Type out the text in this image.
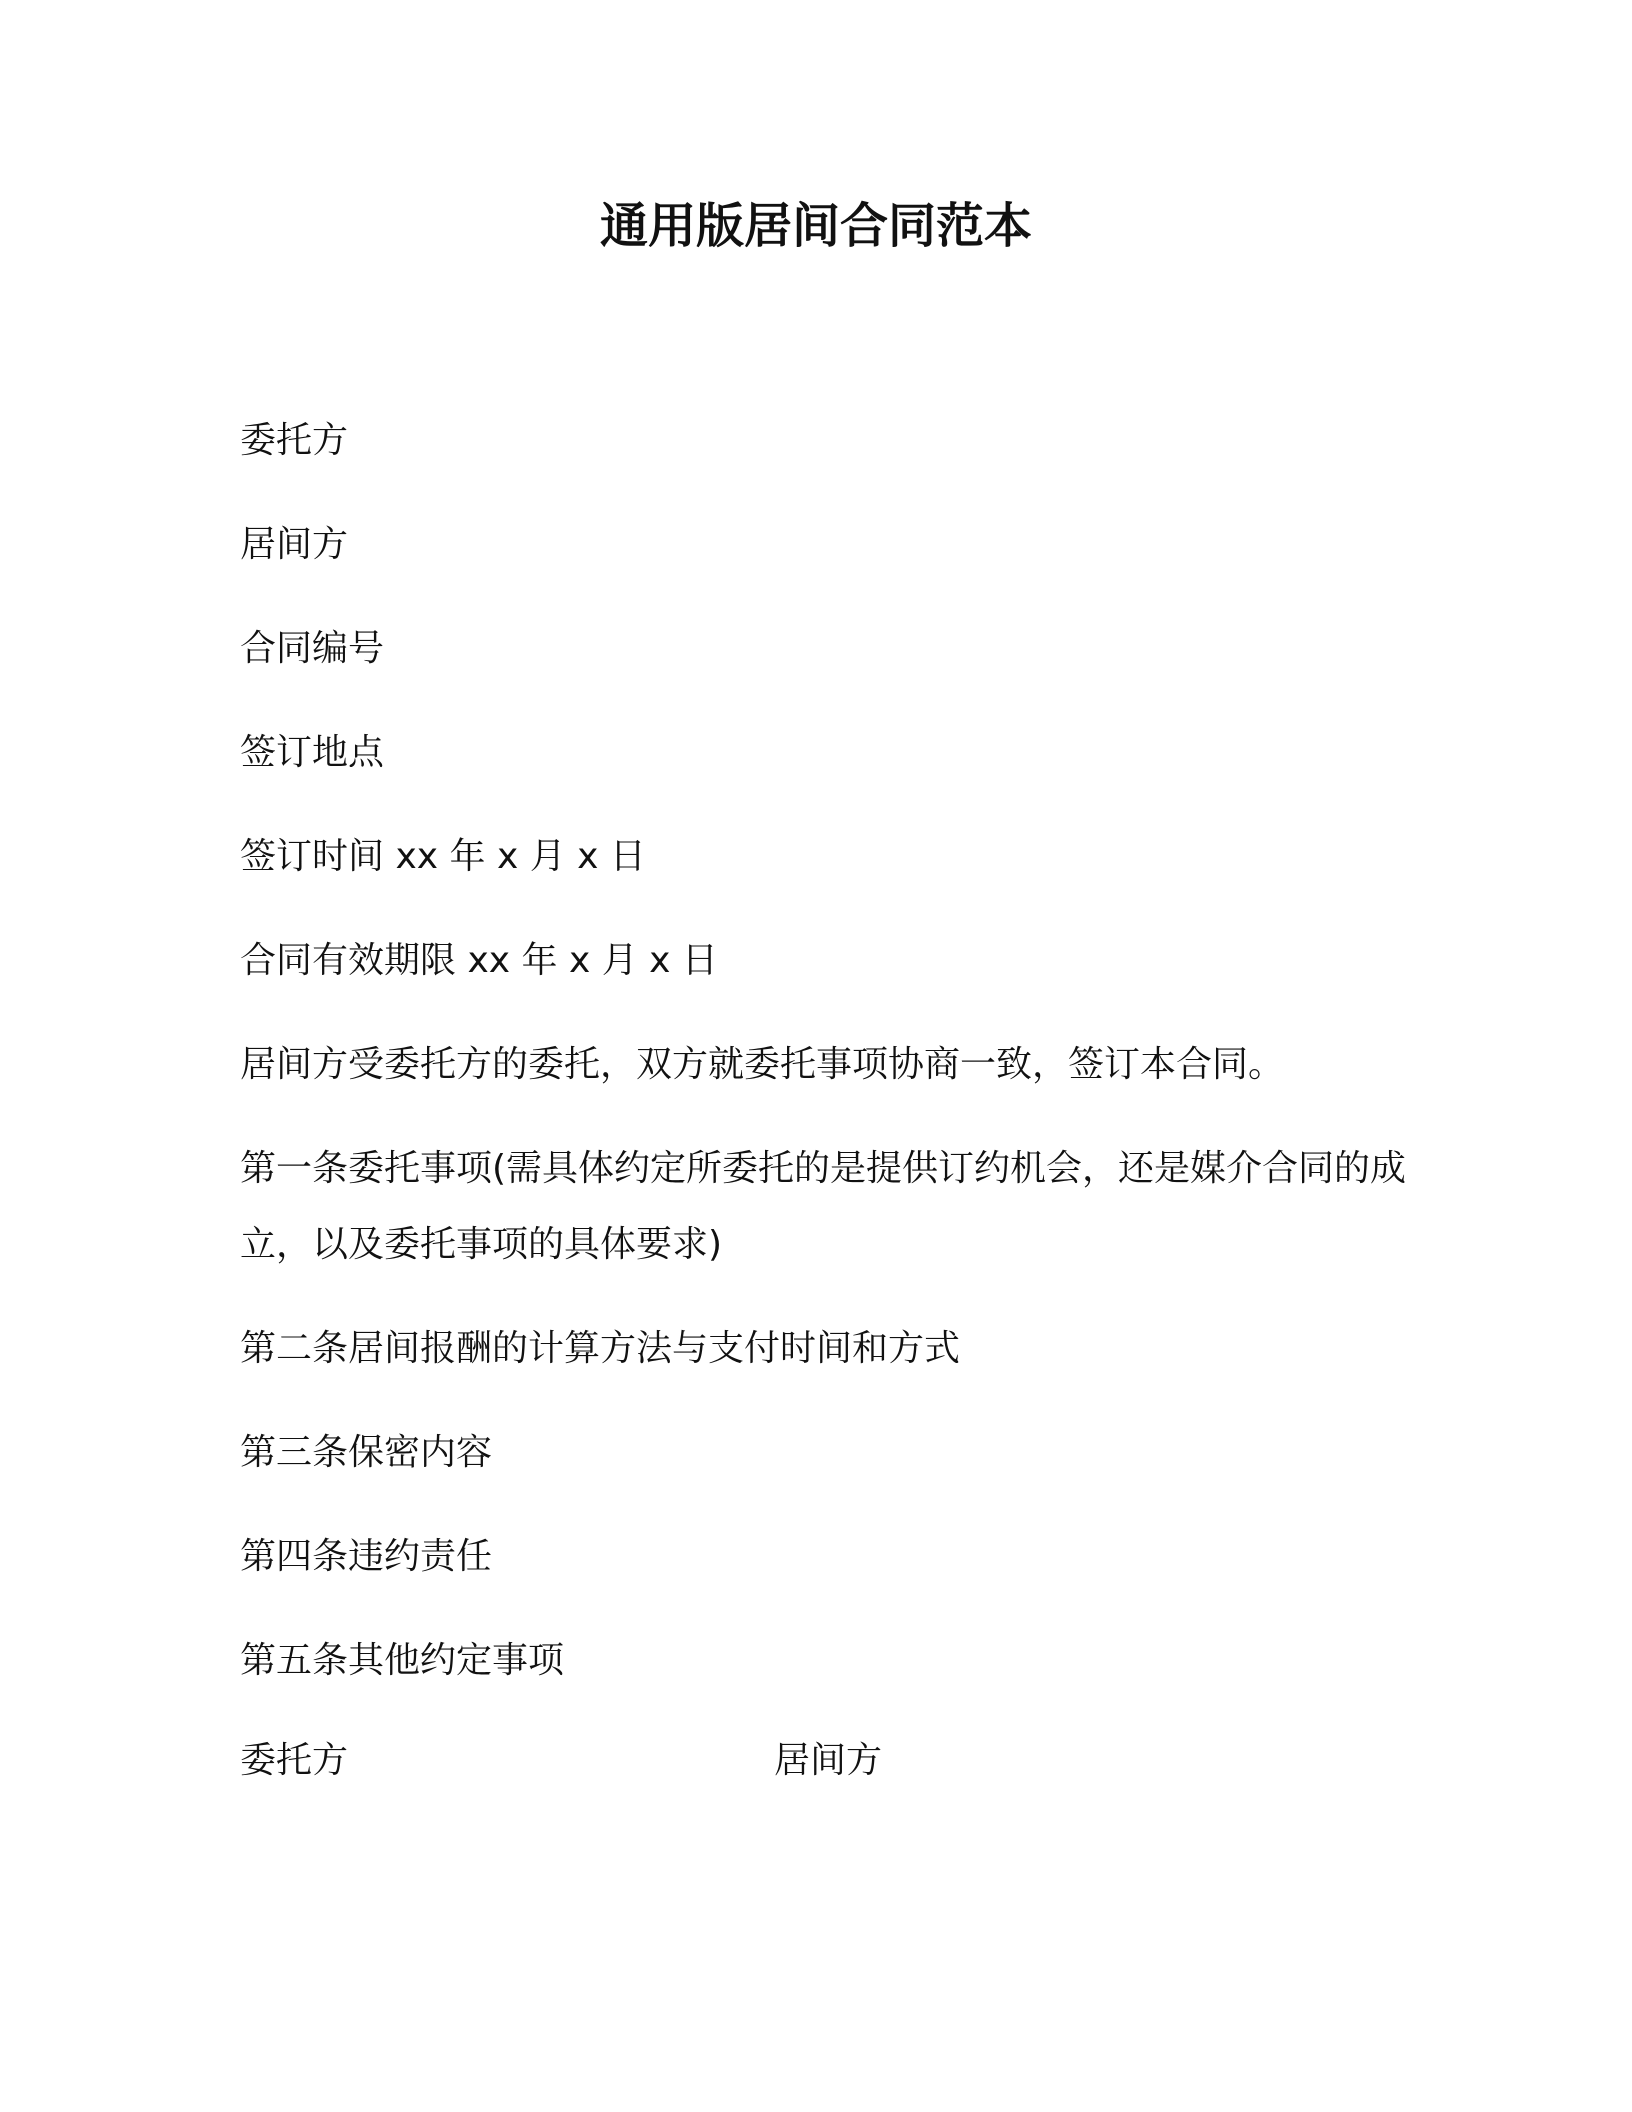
通用版居间合同范本
委托方
居间方
合同编号
签订地点
签订时间 xx 年 x 月 x 日
合同有效期限 xx 年 x 月 x 日
居间方受委托方的委托，双方就委托事项协商一致，签订本合同。
第一条委托事项(需具体约定所委托的是提供订约机会，还是媒介合同的成立，以及委托事项的具体要求)
第二条居间报酬的计算方法与支付时间和方式
第三条保密内容
第四条违约责任
第五条其他约定事项
委托方	居间方
